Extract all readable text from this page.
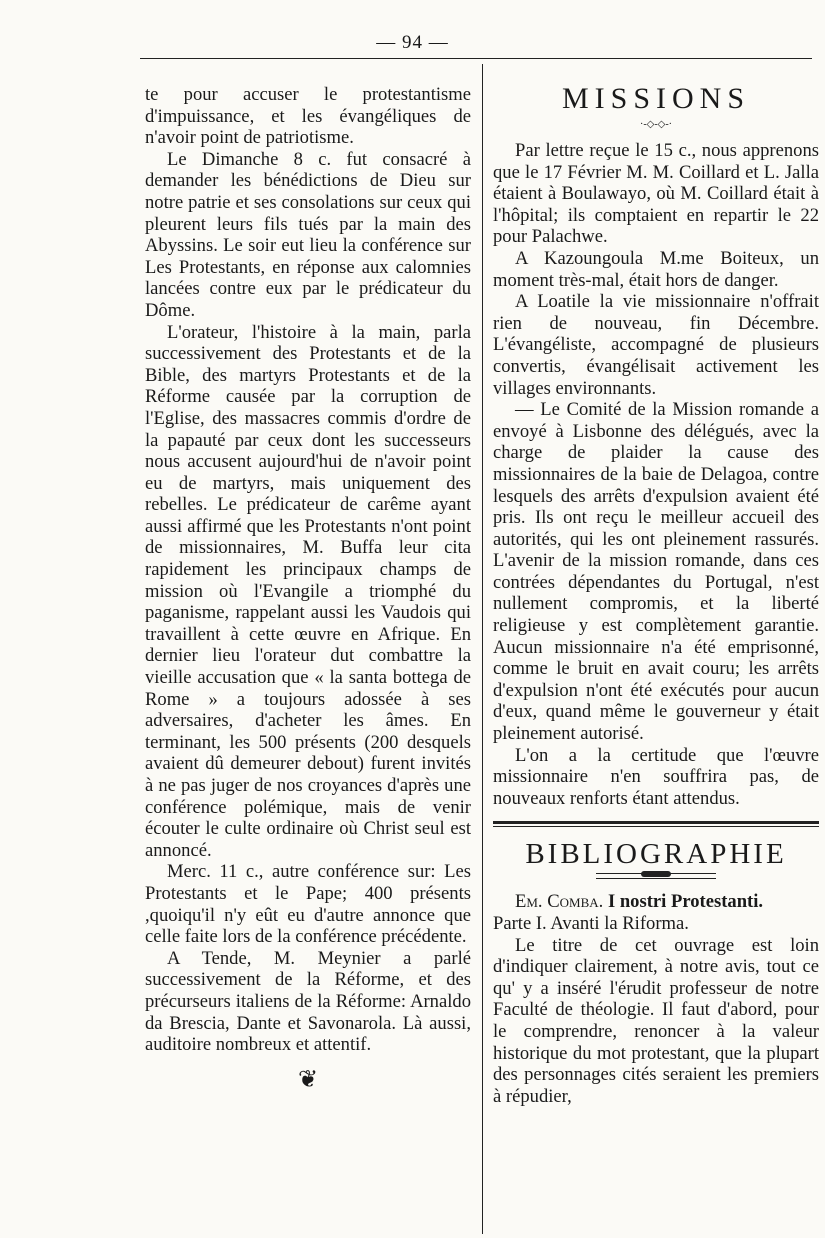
— 94 —

te pour accuser le protestantisme d'impuissance, et les évangéliques de n'avoir point de patriotisme.

Le Dimanche 8 c. fut consacré à demander les bénédictions de Dieu sur notre patrie et ses consolations sur ceux qui pleurent leurs fils tués par la main des Abyssins. Le soir eut lieu la conférence sur Les Protestants, en réponse aux calomnies lancées contre eux par le prédicateur du Dôme.

L'orateur, l'histoire à la main, parla successivement des Protestants et de la Bible, des martyrs Protestants et de la Réforme causée par la corruption de l'Eglise, des massacres commis d'ordre de la papauté par ceux dont les successeurs nous accusent aujourd'hui de n'avoir point eu de martyrs, mais uniquement des rebelles. Le prédicateur de carême ayant aussi affirmé que les Protestants n'ont point de missionnaires, M. Buffa leur cita rapidement les principaux champs de mission où l'Evangile a triomphé du paganisme, rappelant aussi les Vaudois qui travaillent à cette œuvre en Afrique. En dernier lieu l'orateur dut combattre la vieille accusation que « la santa bottega de Rome » a toujours adossée à ses adversaires, d'acheter les âmes. En terminant, les 500 présents (200 desquels avaient dû demeurer debout) furent invités à ne pas juger de nos croyances d'après une conférence polémique, mais de venir écouter le culte ordinaire où Christ seul est annoncé.

Merc. 11 c., autre conférence sur: Les Protestants et le Pape; 400 présents ,quoiqu'il n'y eût eu d'autre annonce que celle faite lors de la conférence précédente.

A Tende, M. Meynier a parlé successivement de la Réforme, et des précurseurs italiens de la Réforme: Arnaldo da Brescia, Dante et Savonarola. Là aussi, auditoire nombreux et attentif.

❦
MISSIONS
·-◇-◇-·

Par lettre reçue le 15 c., nous apprenons que le 17 Février M. M. Coillard et L. Jalla étaient à Boulawayo, où M. Coillard était à l'hôpital; ils comptaient en repartir le 22 pour Palachwe.

A Kazoungoula M.me Boiteux, un moment très-mal, était hors de danger.

A Loatile la vie missionnaire n'offrait rien de nouveau, fin Décembre. L'évangéliste, accompagné de plusieurs convertis, évangélisait activement les villages environnants.

— Le Comité de la Mission romande a envoyé à Lisbonne des délégués, avec la charge de plaider la cause des missionnaires de la baie de Delagoa, contre lesquels des arrêts d'expulsion avaient été pris. Ils ont reçu le meilleur accueil des autorités, qui les ont pleinement rassurés. L'avenir de la mission romande, dans ces contrées dépendantes du Portugal, n'est nullement compromis, et la liberté religieuse y est complètement garantie. Aucun missionnaire n'a été emprisonné, comme le bruit en avait couru; les arrêts d'expulsion n'ont été exécutés pour aucun d'eux, quand même le gouverneur y était pleinement autorisé.

L'on a la certitude que l'œuvre missionnaire n'en souffrira pas, de nouveaux renforts étant attendus.

BIBLIOGRAPHIE

Em. Comba. I nostri Protestanti.

Parte I. Avanti la Riforma.

Le titre de cet ouvrage est loin d'indiquer clairement, à notre avis, tout ce qu' y a inséré l'érudit professeur de notre Faculté de théologie. Il faut d'abord, pour le comprendre, renoncer à la valeur historique du mot protestant, que la plupart des personnages cités seraient les premiers à répudier,
